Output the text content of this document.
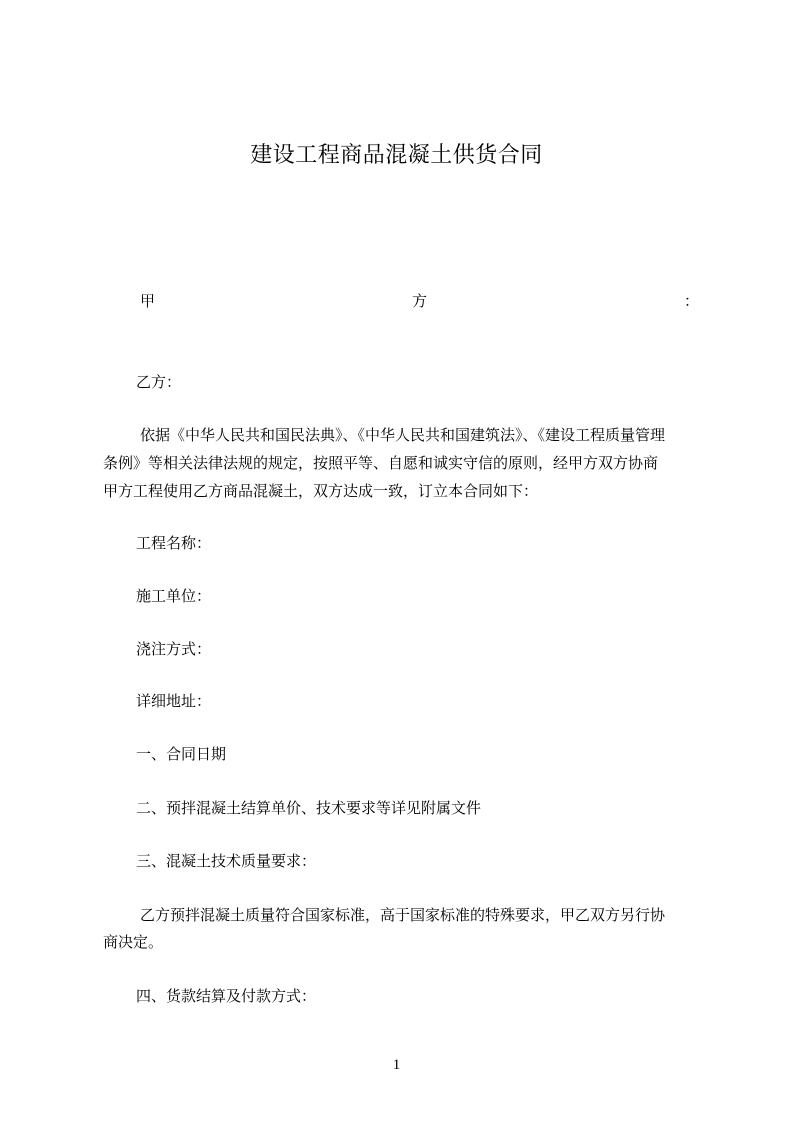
建设工程商品混凝土供货合同
甲	方	：
乙方：
依据《中华人民共和国民法典》、《中华人民共和国建筑法》、《建设工程质量管理
条例》等相关法律法规的规定，按照平等、自愿和诚实守信的原则，经甲方双方协商
甲方工程使用乙方商品混凝土，双方达成一致，订立本合同如下：
工程名称：
施工单位：
浇注方式：
详细地址：
一、合同日期
二、预拌混凝土结算单价、技术要求等详见附属文件
三、混凝土技术质量要求：
乙方预拌混凝土质量符合国家标准，高于国家标准的特殊要求，甲乙双方另行协
商决定。
四、货款结算及付款方式：
1
